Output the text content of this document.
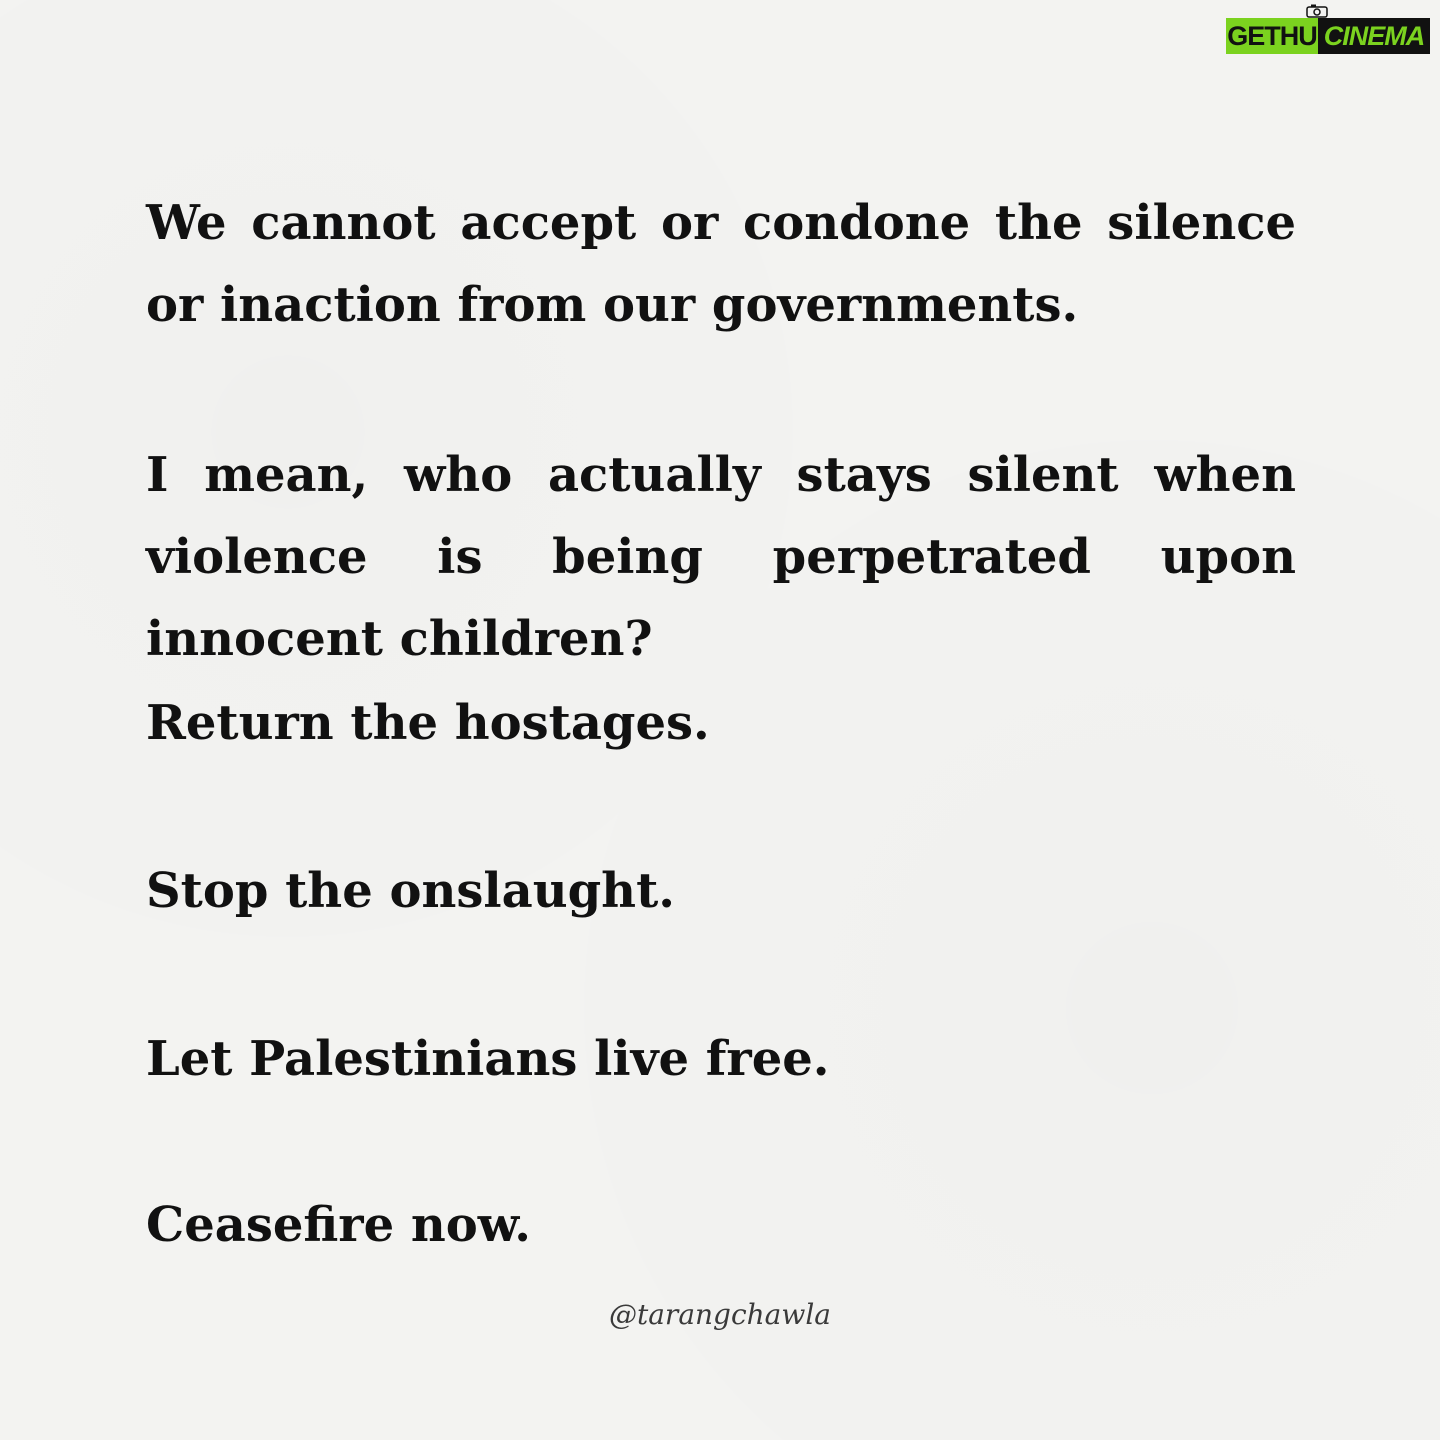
GETHU CINEMA

We cannot accept or condone the silence or inaction from our governments.

I mean, who actually stays silent when violence is being perpetrated upon innocent children?

Return the hostages.

Stop the onslaught.

Let Palestinians live free.

Ceasefire now.

@tarangchawla
